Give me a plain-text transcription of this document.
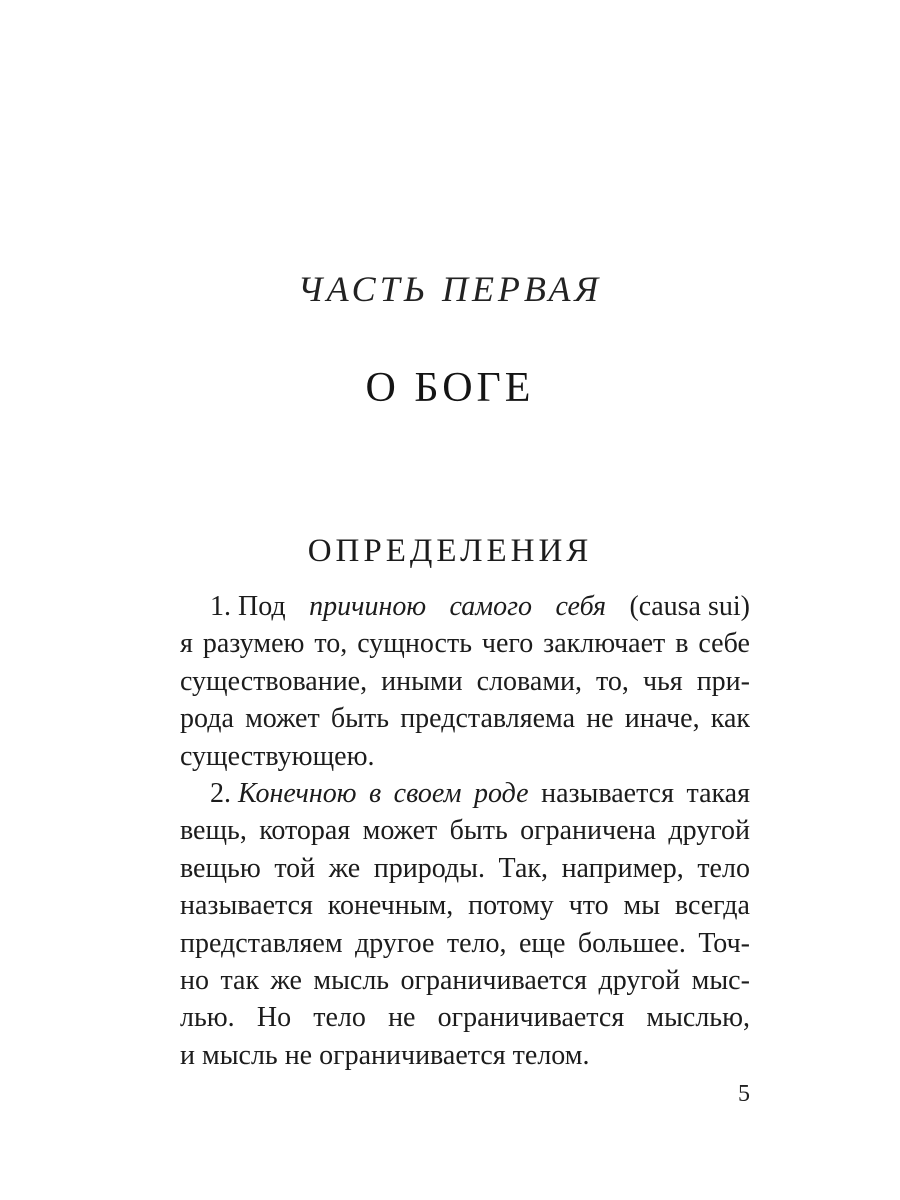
ЧАСТЬ ПЕРВАЯ
О БОГЕ
ОПРЕДЕЛЕНИЯ
1. Под причиною самого себя (causa sui)
я разумею то, сущность чего заключает в себе
существование, иными словами, то, чья при-
рода может быть представляема не иначе, как
существующею.
2. Конечною в своем роде называется такая
вещь, которая может быть ограничена другой
вещью той же природы. Так, например, тело
называется конечным, потому что мы всегда
представляем другое тело, еще большее. Точ-
но так же мысль ограничивается другой мыс-
лью. Но тело не ограничивается мыслью,
и мысль не ограничивается телом.
5
